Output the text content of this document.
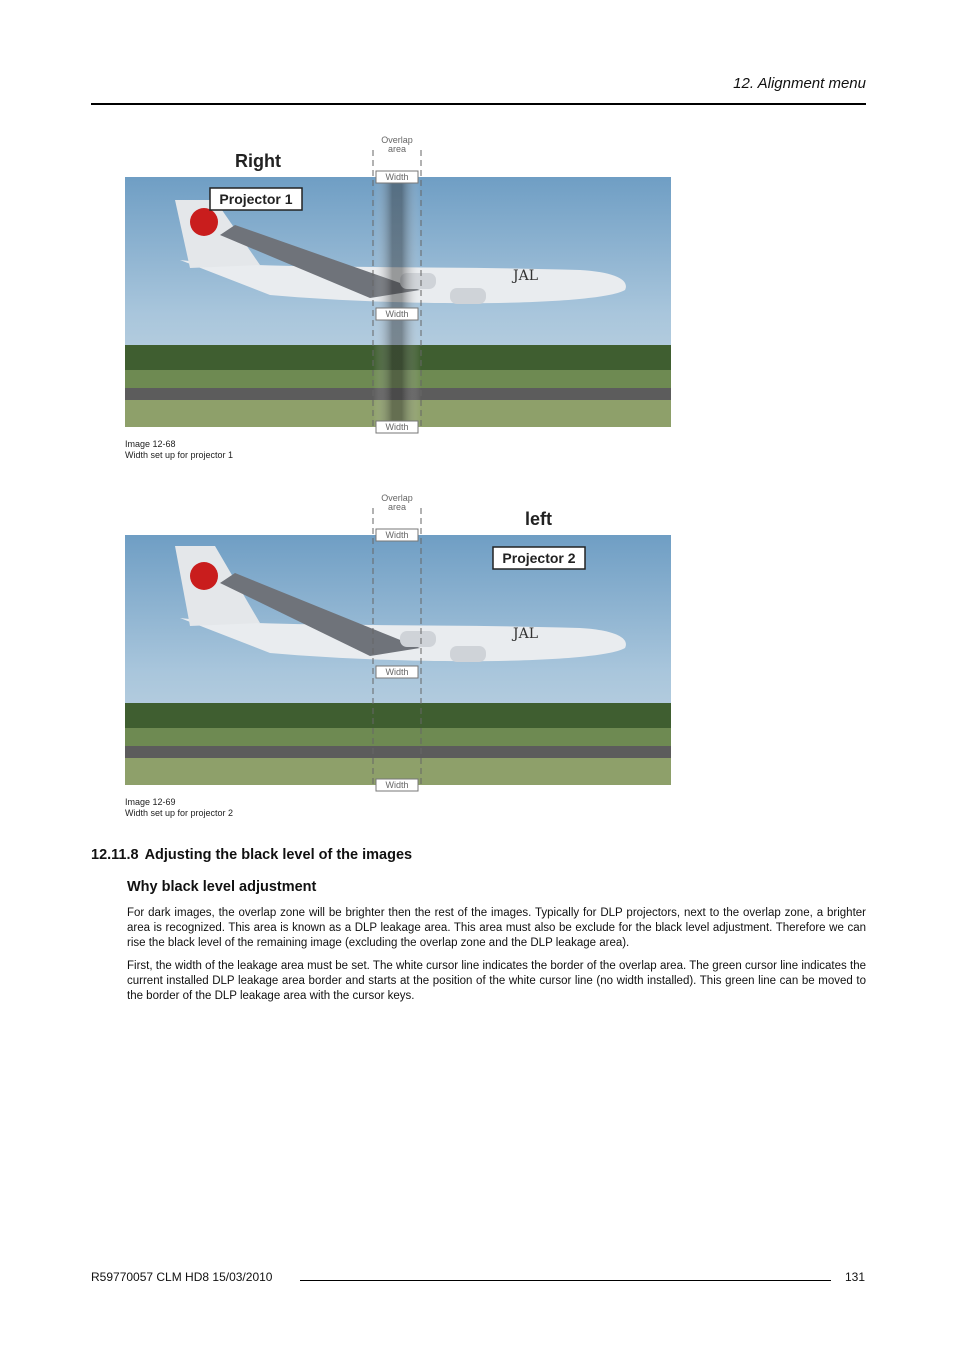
12. Alignment menu
JAL
Overlap
area
Width
Width
Width
Right
Projector 1
Image 12-68
Width set up for projector 1
JAL
Overlap
area
Width
Width
Width
left
Projector 2
Image 12-69
Width set up for projector 2
12.11.8 Adjusting the black level of the images
Why black level adjustment
For dark images, the overlap zone will be brighter then the rest of the images. Typically for DLP projectors, next to the overlap zone, a brighter area is recognized. This area is known as a DLP leakage area. This area must also be exclude for the black level adjustment. Therefore we can rise the black level of the remaining image (excluding the overlap zone and the DLP leakage area).
First, the width of the leakage area must be set. The white cursor line indicates the border of the overlap area. The green cursor line indicates the current installed DLP leakage area border and starts at the position of the white cursor line (no width installed). This green line can be moved to the border of the DLP leakage area with the cursor keys.
R59770057 CLM HD8 15/03/2010	131
